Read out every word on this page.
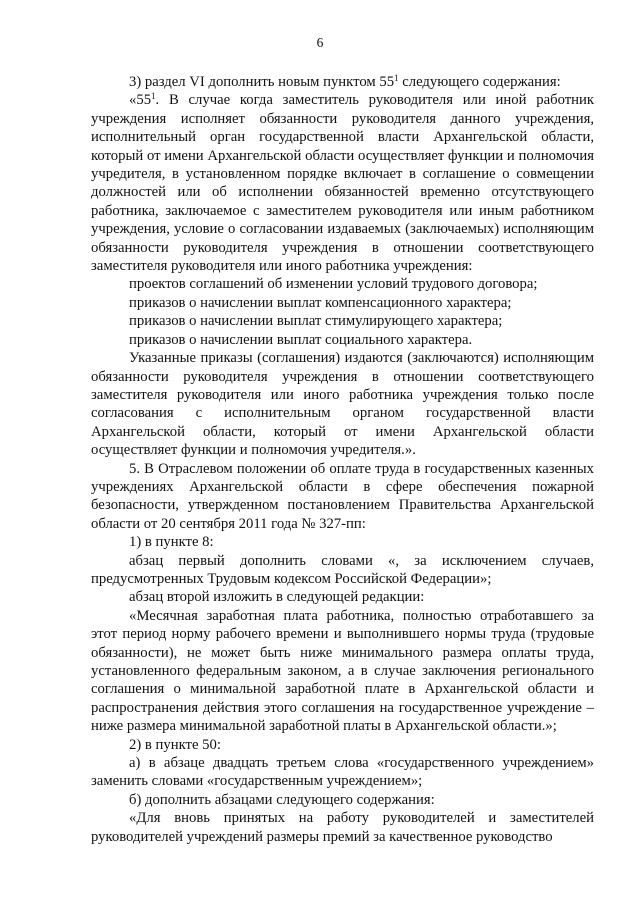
6

3) раздел VI дополнить новым пунктом $55^1$ следующего содержания:

«$55^1$. В случае когда заместитель руководителя или иной работник учреждения исполняет обязанности руководителя данного учреждения, исполнительный орган государственной власти Архангельской области, который от имени Архангельской области осуществляет функции и полномочия учредителя, в установленном порядке включает в соглашение о совмещении должностей или об исполнении обязанностей временно отсутствующего работника, заключаемое с заместителем руководителя или иным работником учреждения, условие о согласовании издаваемых (заключаемых) исполняющим обязанности руководителя учреждения в отношении соответствующего заместителя руководителя или иного работника учреждения:

проектов соглашений об изменении условий трудового договора;

приказов о начислении выплат компенсационного характера;

приказов о начислении выплат стимулирующего характера;

приказов о начислении выплат социального характера.

Указанные приказы (соглашения) издаются (заключаются) исполняющим обязанности руководителя учреждения в отношении соответствующего заместителя руководителя или иного работника учреждения только после согласования с исполнительным органом государственной власти Архангельской области, который от имени Архангельской области осуществляет функции и полномочия учредителя.».

5. В Отраслевом положении об оплате труда в государственных казенных учреждениях Архангельской области в сфере обеспечения пожарной безопасности, утвержденном постановлением Правительства Архангельской области от 20 сентября 2011 года № 327-пп:

1) в пункте 8:

абзац первый дополнить словами «, за исключением случаев, предусмотренных Трудовым кодексом Российской Федерации»;

абзац второй изложить в следующей редакции:

«Месячная заработная плата работника, полностью отработавшего за этот период норму рабочего времени и выполнившего нормы труда (трудовые обязанности), не может быть ниже минимального размера оплаты труда, установленного федеральным законом, а в случае заключения регионального соглашения о минимальной заработной плате в Архангельской области и распространения действия этого соглашения на государственное учреждение – ниже размера минимальной заработной платы в Архангельской области.»;

2) в пункте 50:

а) в абзаце двадцать третьем слова «государственного учреждением» заменить словами «государственным учреждением»;

б) дополнить абзацами следующего содержания:

«Для вновь принятых на работу руководителей и заместителей руководителей учреждений размеры премий за качественное руководство
